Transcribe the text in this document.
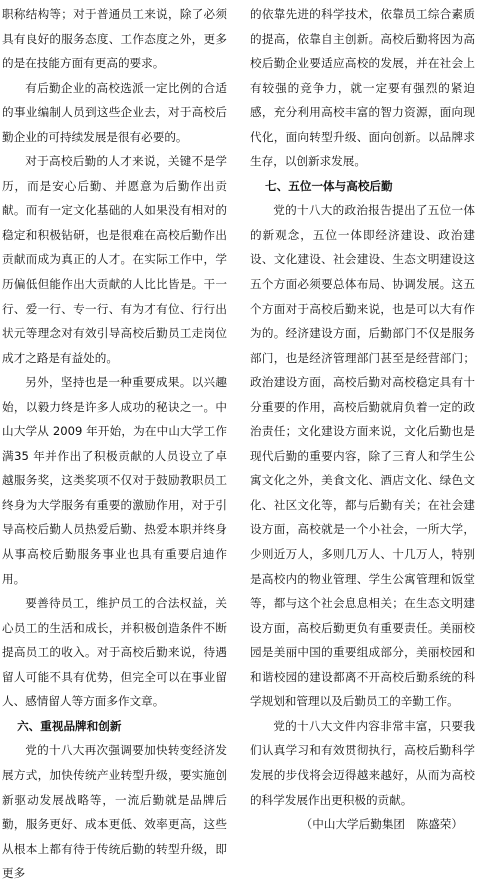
职称结构等；对于普通员工来说，除了必须具有良好的服务态度、工作态度之外，更多的是在技能方面有更高的要求。

有后勤企业的高校选派一定比例的合适的事业编制人员到这些企业去，对于高校后勤企业的可持续发展是很有必要的。

对于高校后勤的人才来说，关键不是学历，而是安心后勤、并愿意为后勤作出贡献。而有一定文化基础的人如果没有相对的稳定和积极钻研，也是很难在高校后勤作出贡献而成为真正的人才。在实际工作中，学历偏低但能作出大贡献的人比比皆是。干一行、爱一行、专一行、有为才有位、行行出状元等理念对有效引导高校后勤员工走岗位成才之路是有益处的。

另外，坚持也是一种重要成果。以兴趣始，以毅力终是许多人成功的秘诀之一。中山大学从 2009 年开始，为在中山大学工作满35 年并作出了积极贡献的人员设立了卓越服务奖，这类奖项不仅对于鼓励教职员工终身为大学服务有重要的激励作用，对于引导高校后勤人员热爱后勤、热爱本职并终身从事高校后勤服务事业也具有重要启迪作用。

要善待员工，维护员工的合法权益，关心员工的生活和成长，并积极创造条件不断提高员工的收入。对于高校后勤来说，待遇留人可能不具有优势，但完全可以在事业留人、感情留人等方面多作文章。

六、重视品牌和创新

党的十八大再次强调要加快转变经济发展方式，加快传统产业转型升级，要实施创新驱动发展战略等，一流后勤就是品牌后勤，服务更好、成本更低、效率更高，这些从根本上都有待于传统后勤的转型升级，即更多

的依靠先进的科学技术，依靠员工综合素质的提高，依靠自主创新。高校后勤将因为高校后勤企业要适应高校的发展，并在社会上有较强的竞争力，就一定要有强烈的紧迫感，充分利用高校丰富的智力资源，面向现代化，面向转型升级、面向创新。以品牌求生存，以创新求发展。

七、五位一体与高校后勤

党的十八大的政治报告提出了五位一体的新观念，五位一体即经济建设、政治建设、文化建设、社会建设、生态文明建设这五个方面必须要总体布局、协调发展。这五个方面对于高校后勤来说，也是可以大有作为的。经济建设方面，后勤部门不仅是服务部门，也是经济管理部门甚至是经营部门；政治建设方面，高校后勤对高校稳定具有十分重要的作用，高校后勤就肩负着一定的政治责任；文化建设方面来说，文化后勤也是现代后勤的重要内容，除了三育人和学生公寓文化之外，美食文化、酒店文化、绿色文化、社区文化等，都与后勤有关；在社会建设方面，高校就是一个小社会，一所大学，少则近万人，多则几万人、十几万人，特别是高校内的物业管理、学生公寓管理和饭堂等，都与这个社会息息相关；在生态文明建设方面，高校后勤更负有重要责任。美丽校园是美丽中国的重要组成部分，美丽校园和和谐校园的建设都离不开高校后勤系统的科学规划和管理以及后勤员工的辛勤工作。

党的十八大文件内容非常丰富，只要我们认真学习和有效贯彻执行，高校后勤科学发展的步伐将会迈得越来越好，从而为高校的科学发展作出更积极的贡献。

（中山大学后勤集团　陈盛荣）
